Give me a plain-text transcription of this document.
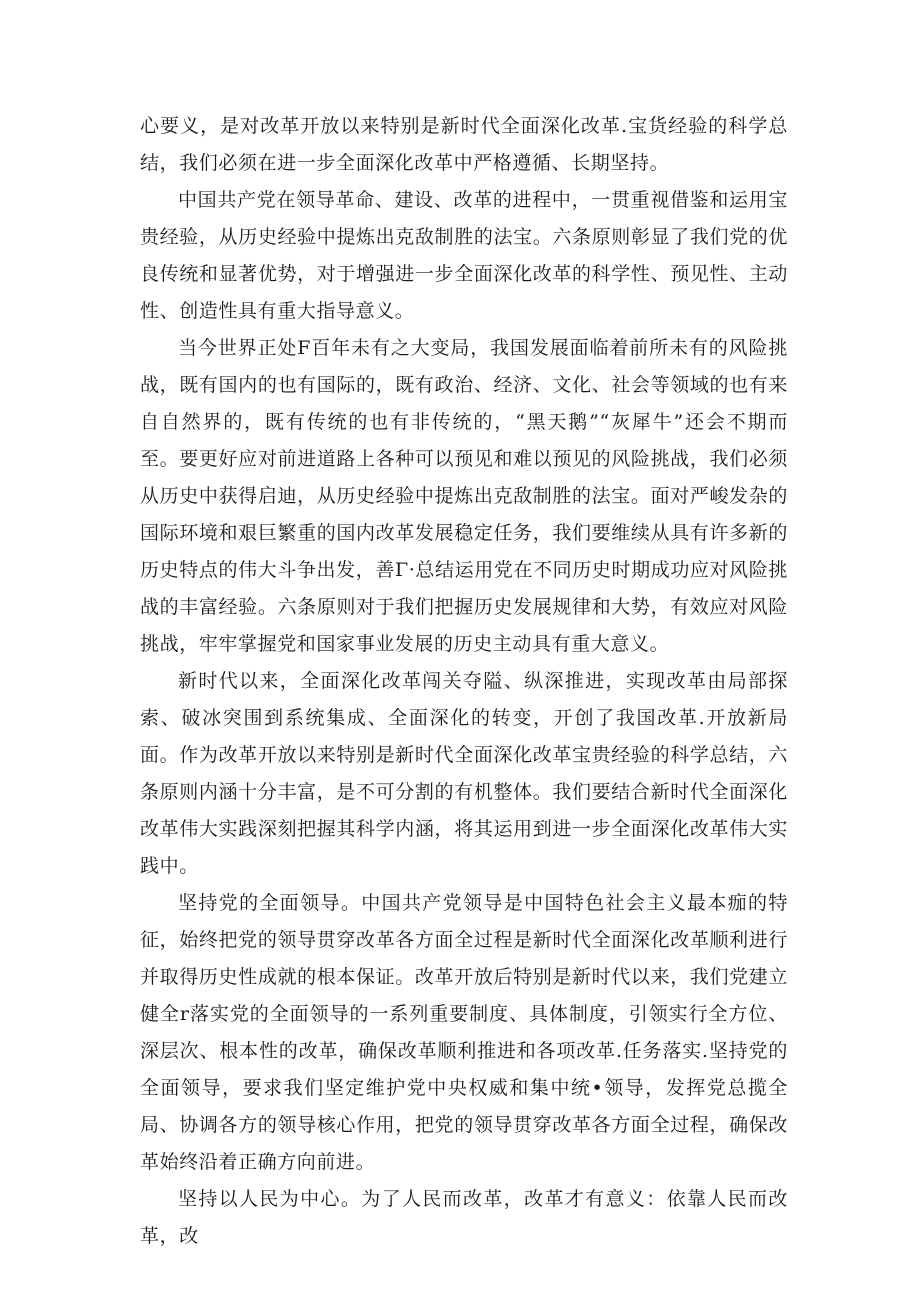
心要义，是对改革开放以来特别是新时代全面深化改革.宝货经验的科学总结，我们必须在进一步全面深化改革中严格遵循、长期坚持。

中国共产党在领导革命、建设、改革的进程中，一贯重视借鉴和运用宝贵经验，从历史经验中提炼出克敌制胜的法宝。六条原则彰显了我们党的优良传统和显著优势，对于增强进一步全面深化改革的科学性、预见性、主动性、创造性具有重大指导意义。

当今世界正处F百年未有之大变局，我国发展面临着前所未有的风险挑战，既有国内的也有国际的，既有政治、经济、文化、社会等领域的也有来自自然界的，既有传统的也有非传统的，“黑天鹅”“灰犀牛”还会不期而至。要更好应对前进道路上各种可以预见和难以预见的风险挑战，我们必须从历史中获得启迪，从历史经验中提炼出克敌制胜的法宝。面对严峻发杂的国际环境和艰巨繁重的国内改革发展稳定任务，我们要维续从具有许多新的历史特点的伟大斗争出发，善Γ·总结运用党在不同历史时期成功应对风险挑战的丰富经验。六条原则对于我们把握历史发展规律和大势，有效应对风险挑战，牢牢掌握党和国家事业发展的历史主动具有重大意义。

新时代以来，全面深化改革闯关夺隘、纵深推进，实现改革由局部探索、破冰突围到系统集成、全面深化的转变，开创了我国改革.开放新局面。作为改革开放以来特别是新时代全面深化改革宝贵经验的科学总结，六条原则内涵十分丰富，是不可分割的有机整体。我们要结合新时代全面深化改革伟大实践深刻把握其科学内涵，将其运用到进一步全面深化改革伟大实践中。

坚持党的全面领导。中国共产党领导是中国特色社会主义最本痂的特征，始终把党的领导贯穿改革各方面全过程是新时代全面深化改革顺利进行并取得历史性成就的根本保证。改革开放后特别是新时代以来，我们党建立健全r落实党的全面领导的一系列重要制度、具体制度，引领实行全方位、深层次、根本性的改革，确保改革顺利推进和各项改革.任务落实.坚持党的全面领导，要求我们坚定维护党中央权威和集中统•领导，发挥党总揽全局、协调各方的领导核心作用，把党的领导贯穿改革各方面全过程，确保改革始终沿着正确方向前进。

坚持以人民为中心。为了人民而改革，改革才有意义：依靠人民而改革，改
